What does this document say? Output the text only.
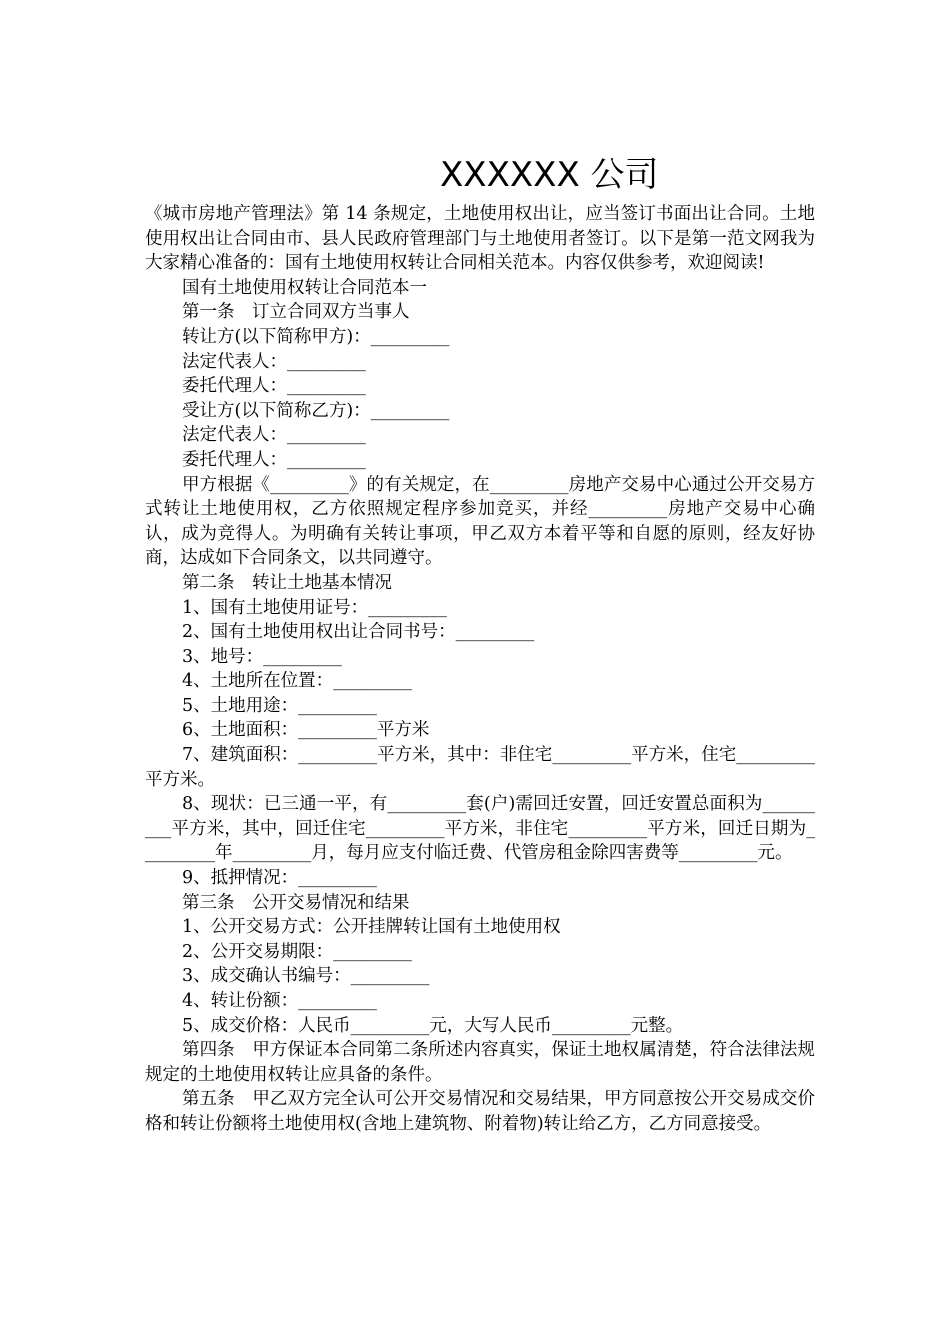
XXXXXX 公司

《城市房地产管理法》第 14 条规定，土地使用权出让，应当签订书面出让合同。土地使用权出让合同由市、县人民政府管理部门与土地使用者签订。以下是第一范文网我为大家精心准备的：国有土地使用权转让合同相关范本。内容仅供参考，欢迎阅读!

国有土地使用权转让合同范本一

第一条　订立合同双方当事人

转让方(以下简称甲方)：_________

法定代表人：_________

委托代理人：_________

受让方(以下简称乙方)：_________

法定代表人：_________

委托代理人：_________

甲方根据《_________》的有关规定，在_________房地产交易中心通过公开交易方式转让土地使用权，乙方依照规定程序参加竞买，并经_________房地产交易中心确认，成为竞得人。为明确有关转让事项，甲乙双方本着平等和自愿的原则，经友好协商，达成如下合同条文，以共同遵守。

第二条　转让土地基本情况

1、国有土地使用证号：_________

2、国有土地使用权出让合同书号：_________

3、地号：_________

4、土地所在位置：_________

5、土地用途：_________

6、土地面积：_________平方米

7、建筑面积：_________平方米，其中：非住宅_________平方米，住宅_________平方米。

8、现状：已三通一平，有_________套(户)需回迁安置，回迁安置总面积为_________平方米，其中，回迁住宅_________平方米，非住宅_________平方米，回迁日期为_________年_________月，每月应支付临迁费、代管房租金除四害费等_________元。

9、抵押情况：_________

第三条　公开交易情况和结果

1、公开交易方式：公开挂牌转让国有土地使用权

2、公开交易期限：_________

3、成交确认书编号：_________

4、转让份额：_________

5、成交价格：人民币_________元，大写人民币_________元整。

第四条　甲方保证本合同第二条所述内容真实，保证土地权属清楚，符合法律法规规定的土地使用权转让应具备的条件。

第五条　甲乙双方完全认可公开交易情况和交易结果，甲方同意按公开交易成交价格和转让份额将土地使用权(含地上建筑物、附着物)转让给乙方，乙方同意接受。
